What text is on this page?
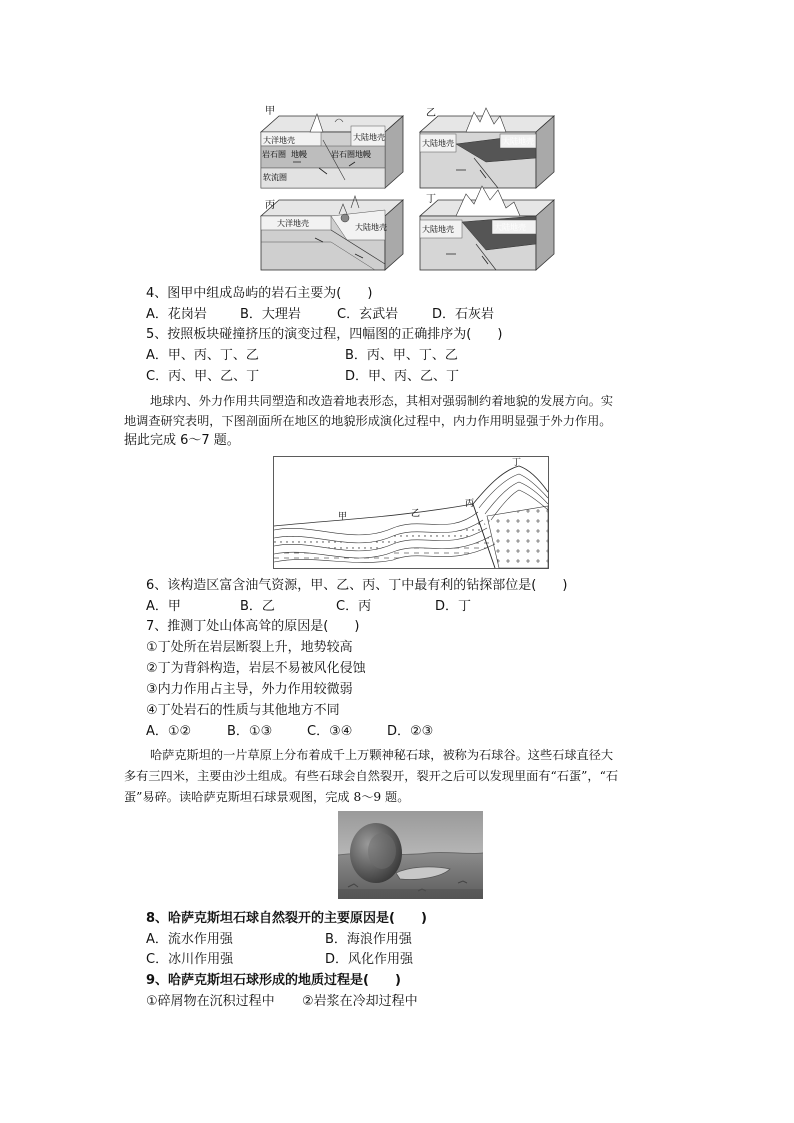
甲
大洋地壳	大陆地壳
岩石圈 地幔	岩石圈地幔
软流圈
丙
大洋地壳	大陆地壳
乙
大陆地壳	大陆地壳
丁
大陆地壳	大陆地壳
4、图甲中组成岛屿的岩石主要为(　　)
A．花岗岩	B．大理岩	C．玄武岩	D．石灰岩
5、按照板块碰撞挤压的演变过程，四幅图的正确排序为(　　)
A．甲、丙、丁、乙	B．丙、甲、丁、乙
C．丙、甲、乙、丁	D．甲、丙、乙、丁
地球内、外力作用共同塑造和改造着地表形态，其相对强弱制约着地貌的发展方向。实
地调查研究表明，下图剖面所在地区的地貌形成演化过程中，内力作用明显强于外力作用。
据此完成 6～7 题。
甲	乙
丙
丁
6、该构造区富含油气资源，甲、乙、丙、丁中最有利的钻探部位是(　　)
A．甲	B．乙	C．丙	D．丁
7、推测丁处山体高耸的原因是(　　)
①丁处所在岩层断裂上升，地势较高
②丁为背斜构造，岩层不易被风化侵蚀
③内力作用占主导，外力作用较微弱
④丁处岩石的性质与其他地方不同
A．①②	B．①③	C．③④	D．②③
哈萨克斯坦的一片草原上分布着成千上万颗神秘石球，被称为石球谷。这些石球直径大
多有三四米，主要由沙土组成。有些石球会自然裂开，裂开之后可以发现里面有“石蛋”，“石
蛋”易碎。读哈萨克斯坦石球景观图，完成 8～9 题。
8、哈萨克斯坦石球自然裂开的主要原因是(　　)
A．流水作用强	B．海浪作用强
C．冰川作用强	D．风化作用强
9、哈萨克斯坦石球形成的地质过程是(　　)
①碎屑物在沉积过程中 ②岩浆在冷却过程中
